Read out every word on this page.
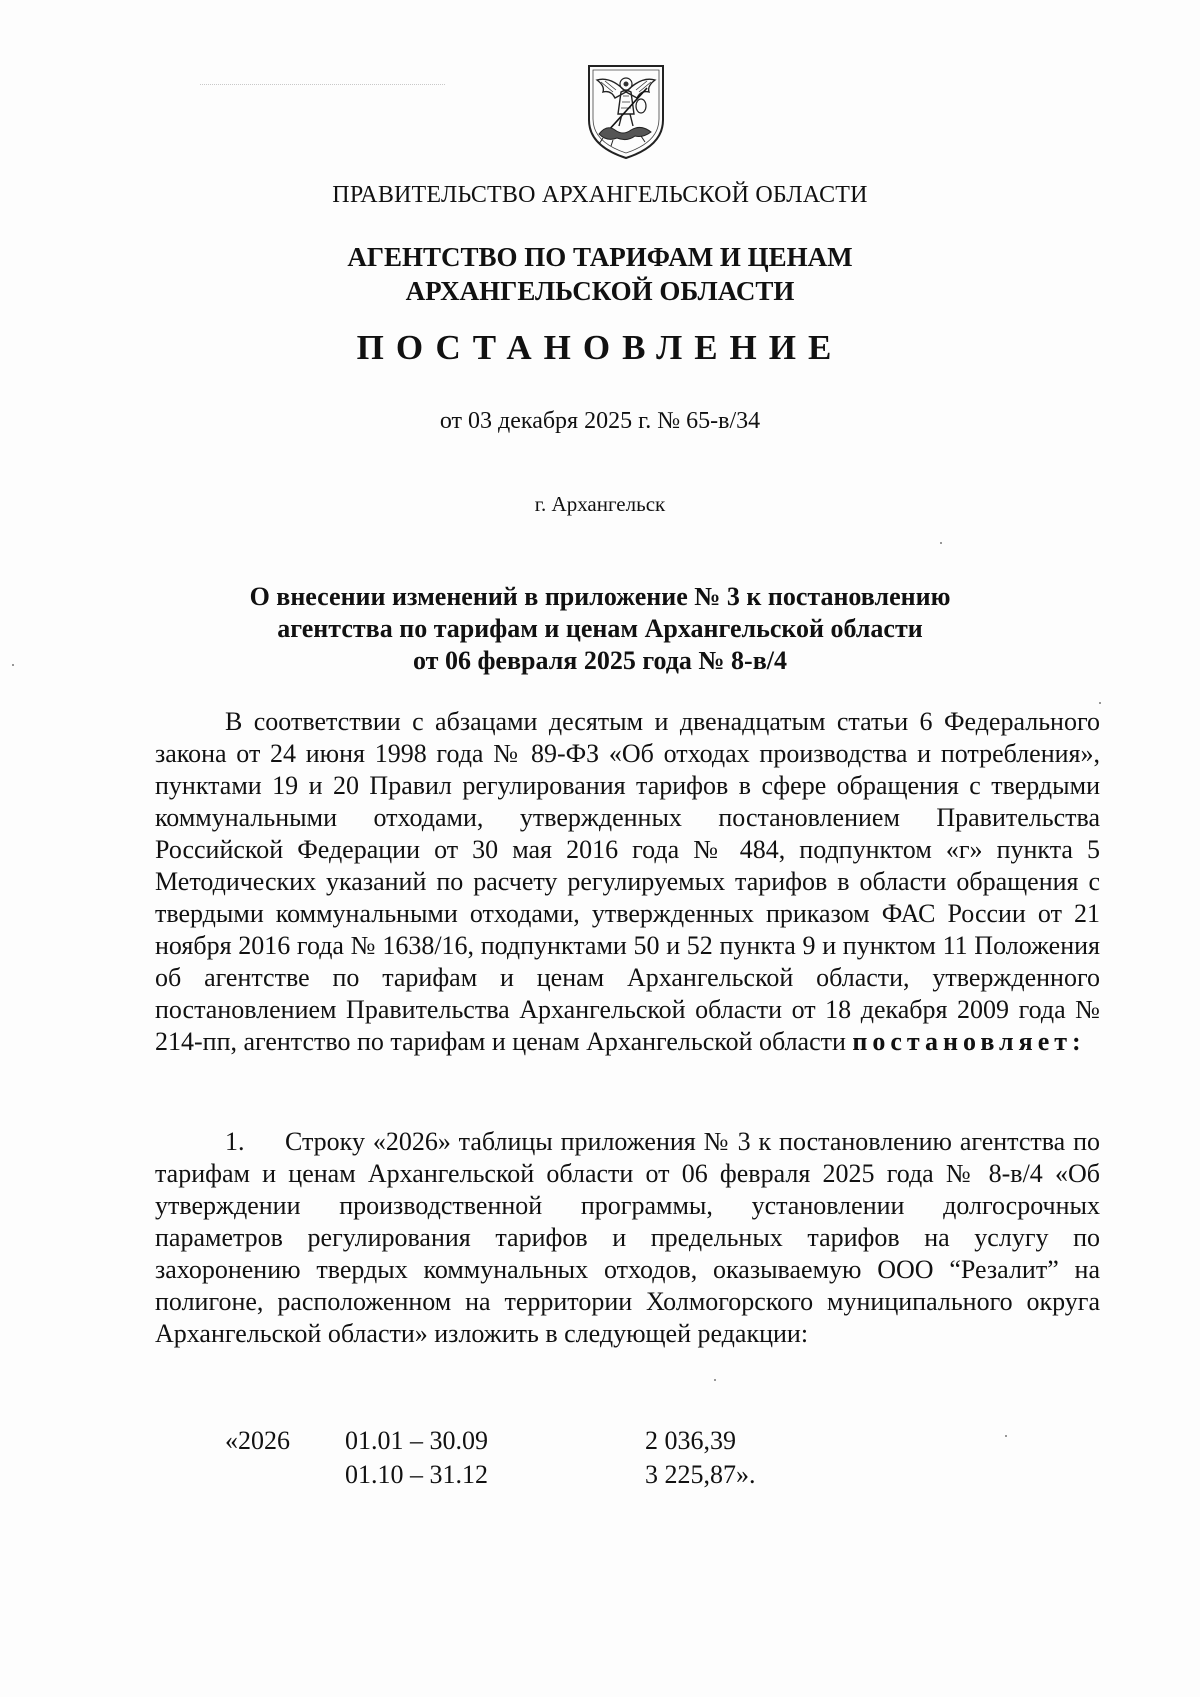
ПРАВИТЕЛЬСТВО АРХАНГЕЛЬСКОЙ ОБЛАСТИ
АГЕНТСТВО ПО ТАРИФАМ И ЦЕНАМ
АРХАНГЕЛЬСКОЙ ОБЛАСТИ
ПОСТАНОВЛЕНИЕ
от 03 декабря 2025 г. № 65-в/34
г. Архангельск
О внесении изменений в приложение № 3 к постановлению
агентства по тарифам и ценам Архангельской области
от 06 февраля 2025 года № 8-в/4

В соответствии с абзацами десятым и двенадцатым статьи 6 Федерального закона от 24 июня 1998 года № 89-ФЗ «Об отходах производства и потребления», пунктами 19 и 20 Правил регулирования тарифов в сфере обращения с твердыми коммунальными отходами, утвержденных постановлением Правительства Российской Федерации от 30 мая 2016 года № 484, подпунктом «г» пункта 5 Методических указаний по расчету регулируемых тарифов в области обращения с твердыми коммунальными отходами, утвержденных приказом ФАС России от 21 ноября 2016 года № 1638/16, подпунктами 50 и 52 пункта 9 и пунктом 11 Положения об агентстве по тарифам и ценам Архангельской области, утвержденного постановлением Правительства Архангельской области от 18 декабря 2009 года № 214-пп, агентство по тарифам и ценам Архангельской области постановляет:

1. Строку «2026» таблицы приложения № 3 к постановлению агентства по тарифам и ценам Архангельской области от 06 февраля 2025 года № 8-в/4 «Об утверждении производственной программы, установлении долгосрочных параметров регулирования тарифов и предельных тарифов на услугу по захоронению твердых коммунальных отходов, оказываемую ООО “Резалит” на полигоне, расположенном на территории Холмогорского муниципального округа Архангельской области» изложить в следующей редакции:

«2026 01.01 – 30.09	2 036,39
01.10 – 31.12	3 225,87».
